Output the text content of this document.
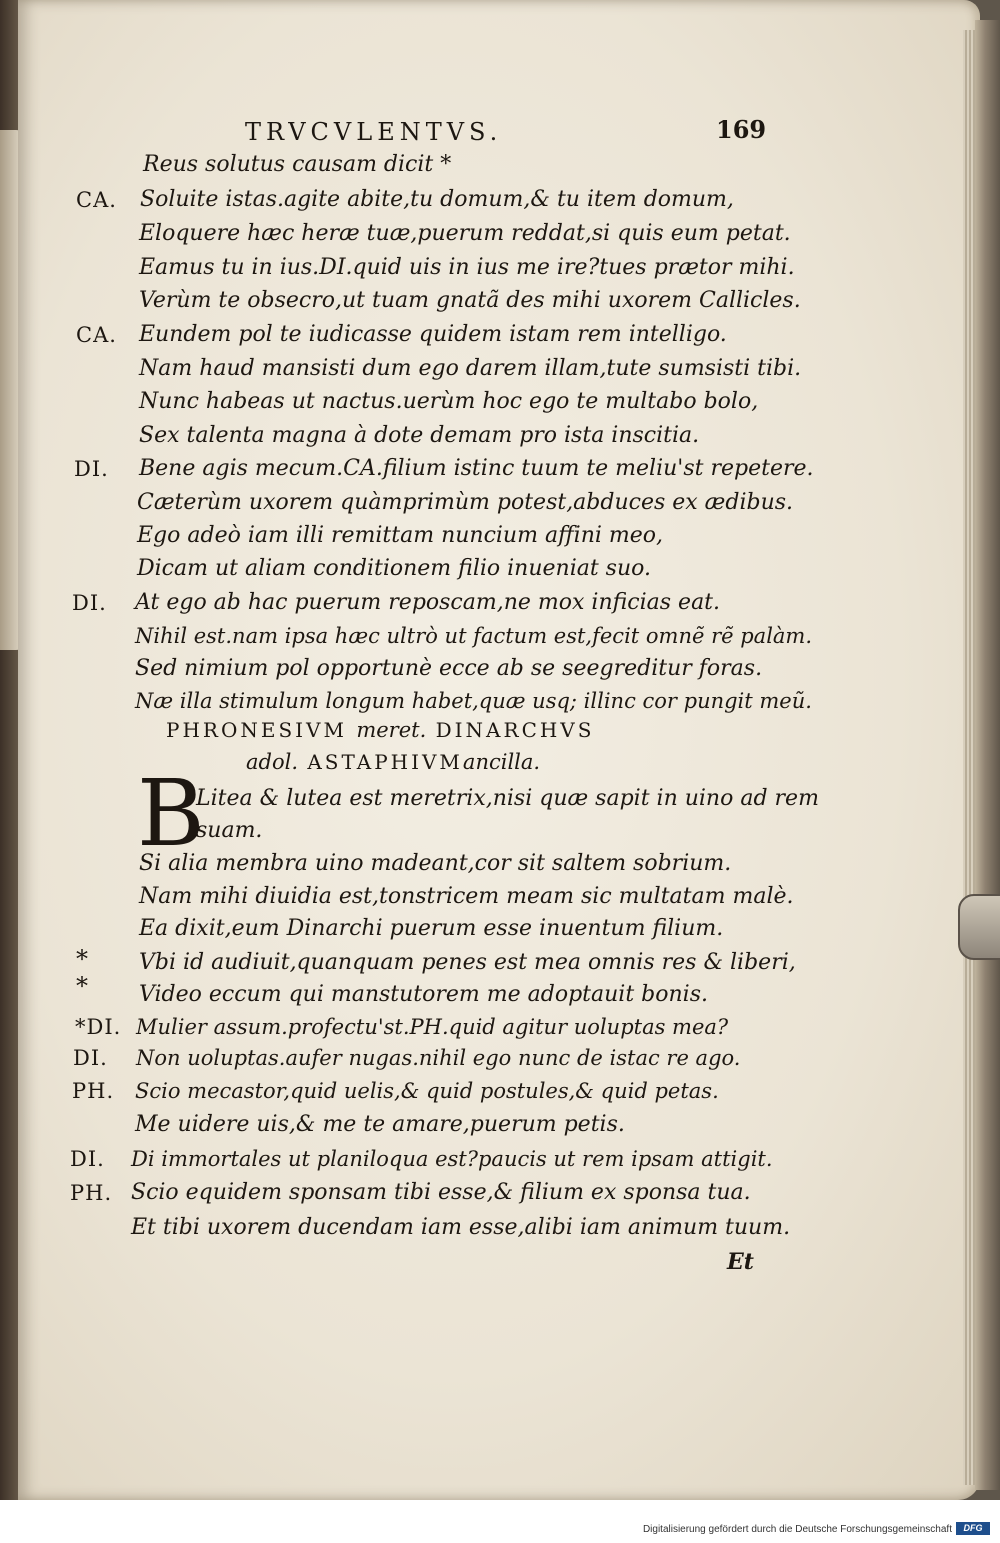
TRVCVLENTVS.	169
Reus solutus causam dicit *
CA. Soluite istas.agite abite,tu domum,& tu item domum,
Eloquere hæc heræ tuæ,puerum reddat,si quis eum petat.
Eamus tu in ius.DI.quid uis in ius me ire?tues prætor mihi.
Verùm te obsecro,ut tuam gnatã des mihi uxorem Callicles.
CA. Eundem pol te iudicasse quidem istam rem intelligo.
Nam haud mansisti dum ego darem illam,tute sumsisti tibi.
Nunc habeas ut nactus.uerùm hoc ego te multabo bolo,
Sex talenta magna à dote demam pro ista inscitia.
DI. Bene agis mecum.CA.filium istinc tuum te meliu'st repetere.
Cæterùm uxorem quàmprimùm potest,abduces ex ædibus.
Ego adeò iam illi remittam nuncium affini meo,
Dicam ut aliam conditionem filio inueniat suo.
DI. At ego ab hac puerum reposcam,ne mox inficias eat.
Nihil est.nam ipsa hæc ultrò ut factum est,fecit omnẽ rẽ palàm.
Sed nimium pol opportunè ecce ab se seegreditur foras.
Næ illa stimulum longum habet,quæ usq; illinc cor pungit meũ.
PHRONESIVM meret. DINARCHVS
adol. ASTAPHIVMancilla.
B
Litea & lutea est meretrix,nisi quæ sapit in uino ad rem
suam.
Si alia membra uino madeant,cor sit saltem sobrium.
Nam mihi diuidia est,tonstricem meam sic multatam malè.
Ea dixit,eum Dinarchi puerum esse inuentum filium.
* Vbi id audiuit,quanquam penes est mea omnis res & liberi,
* Video eccum qui manstutorem me adoptauit bonis.
*DI. Mulier assum.profectu'st.PH.quid agitur uoluptas mea?
DI. Non uoluptas.aufer nugas.nihil ego nunc de istac re ago.
PH. Scio mecastor,quid uelis,& quid postules,& quid petas.
Me uidere uis,& me te amare,puerum petis.
DI. Di immortales ut planiloqua est?paucis ut rem ipsam attigit.
PH. Scio equidem sponsam tibi esse,& filium ex sponsa tua.
Et tibi uxorem ducendam iam esse,alibi iam animum tuum.
Et
Digitalisierung gefördert durch die Deutsche Forschungsgemeinschaft	DFG
